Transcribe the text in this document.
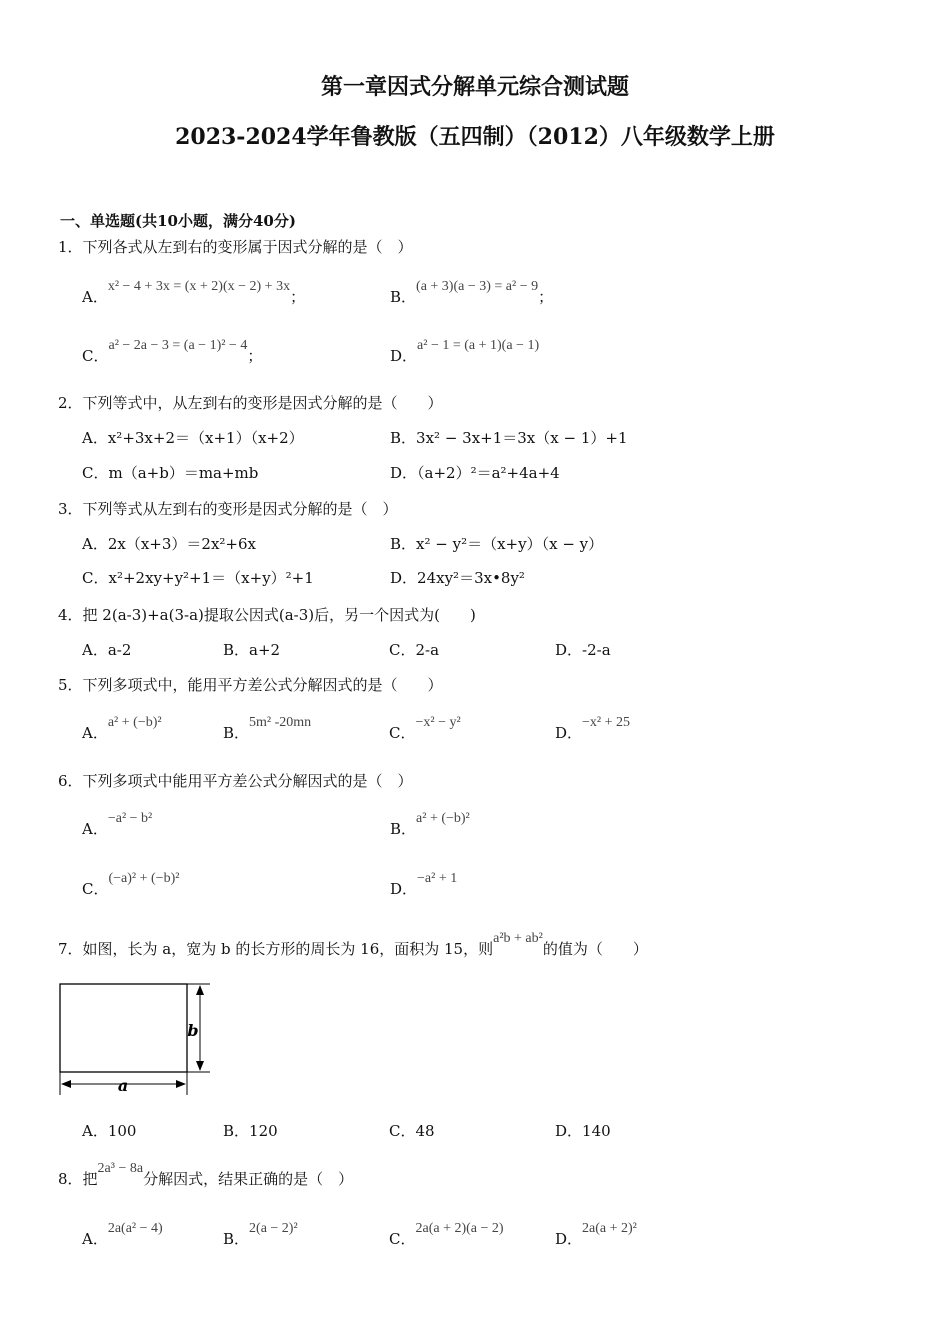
第一章因式分解单元综合测试题
2023-2024学年鲁教版（五四制）（2012）八年级数学上册
一、单选题(共10小题，满分40分)
1．下列各式从左到右的变形属于因式分解的是（　）
A．x² − 4 + 3x = (x + 2)(x − 2) + 3x；	B．(a + 3)(a − 3) = a² − 9；
C．a² − 2a − 3 = (a − 1)² − 4；	D．a² − 1 = (a + 1)(a − 1)
2．下列等式中，从左到右的变形是因式分解的是（　　）
A．x²+3x+2＝（x+1）（x+2）	B．3x² − 3x+1＝3x（x − 1）+1
C．m（a+b）＝ma+mb	D．（a+2）²＝a²+4a+4
3．下列等式从左到右的变形是因式分解的是（　）
A．2x（x+3）＝2x²+6x	B．x² − y²＝（x+y）（x − y）
C．x²+2xy+y²+1＝（x+y）²+1	D．24xy²＝3x•8y²
4．把 2(a-3)+a(3-a)提取公因式(a-3)后，另一个因式为(　　)
A．a-2	B．a+2	C．2-a	D．-2-a
5．下列多项式中，能用平方差公式分解因式的是（　　）
A．a² + (−b)²
B．5m² -20mn
C．−x² − y²
D．−x² + 25
6．下列多项式中能用平方差公式分解因式的是（　）
A．−a² − b²
B．a² + (−b)²
C．(−a)² + (−b)²
D．−a² + 1
7．如图，长为 a，宽为 b 的长方形的周长为 16，面积为 15，则a²b + ab²的值为（　　）
b
a
A．100	B．120	C．48	D．140
8．把2a³ − 8a分解因式，结果正确的是（　）
A．2a(a² − 4)
B．2(a − 2)²
C．2a(a + 2)(a − 2)
D．2a(a + 2)²
